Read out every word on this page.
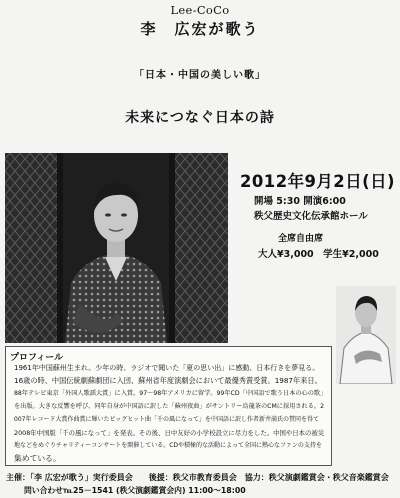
Lee-CoCo
李　広宏が歌う
「日本・中国の美しい歌」
未来につなぐ日本の詩
2012年9月2日(日)
開場 5:30 開演6:00
秩父歴史文化伝承館ホール
全席自由席
大人¥3,000　学生¥2,000
プロフィール
1961年中国蘇州生まれ。少年の時、ラジオで聞いた「夏の思い出」に感動、日本行きを夢見る。
16歳の時、中国伝統劇蘇劇団に入団、蘇州省年度演劇会において最優秀賞受賞。1987年来日。
88年テレビ東京「外国人歌謡大賞」に入賞。97～98年アメリカに留学。99年CD「中国語で歌う日本の心の歌」
を出版。大きな反響を呼び、同年自身が中国語に訳した「蘇州夜曲」がサントリー烏龍茶のCMに採用される。2
007年レコード大賞作曲賞に輝いたビッグヒット曲「千の風になって」を中国語に訳し作者新井満氏の賛同を得て
2008年中国版「千の風になって」を発表。その後、日中友好の小学校設立に尽力をした。中国や日本の被災
地などをめぐりチャリティーコンサートを開催している。CDや積極的な活動によって全国に熱心なファンの支持を
集めている。
主催：「李 広宏が歌う」実行委員会　　後援：秩父市教育委員会　協力：秩父演劇鑑賞会・秩父音楽鑑賞会
問い合わせ℡25－1541 (秩父演劇鑑賞会内) 11:00～18:00
